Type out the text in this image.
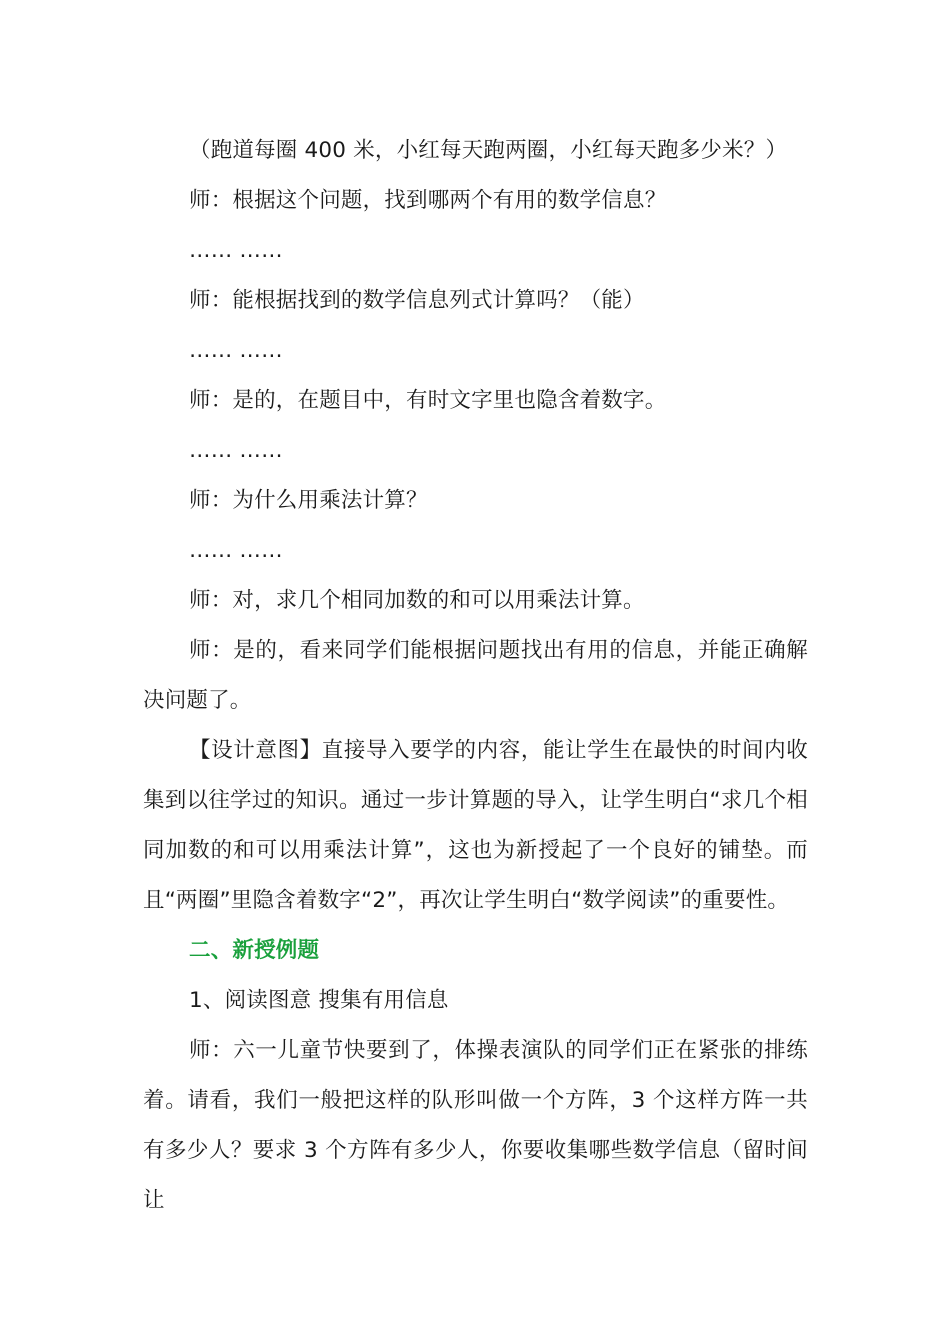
（跑道每圈 400 米，小红每天跑两圈，小红每天跑多少米？）

师：根据这个问题，找到哪两个有用的数学信息？

…… ……

师：能根据找到的数学信息列式计算吗？（能）

…… ……

师：是的，在题目中，有时文字里也隐含着数字。

…… ……

师：为什么用乘法计算？

…… ……

师：对，求几个相同加数的和可以用乘法计算。

师：是的，看来同学们能根据问题找出有用的信息，并能正确解决问题了。

【设计意图】直接导入要学的内容，能让学生在最快的时间内收集到以往学过的知识。通过一步计算题的导入，让学生明白“求几个相同加数的和可以用乘法计算”，这也为新授起了一个良好的铺垫。而且“两圈”里隐含着数字“2”，再次让学生明白“数学阅读”的重要性。

二、新授例题

1、阅读图意 搜集有用信息

师：六一儿童节快要到了，体操表演队的同学们正在紧张的排练着。请看，我们一般把这样的队形叫做一个方阵，3 个这样方阵一共有多少人？要求 3 个方阵有多少人，你要收集哪些数学信息（留时间让
